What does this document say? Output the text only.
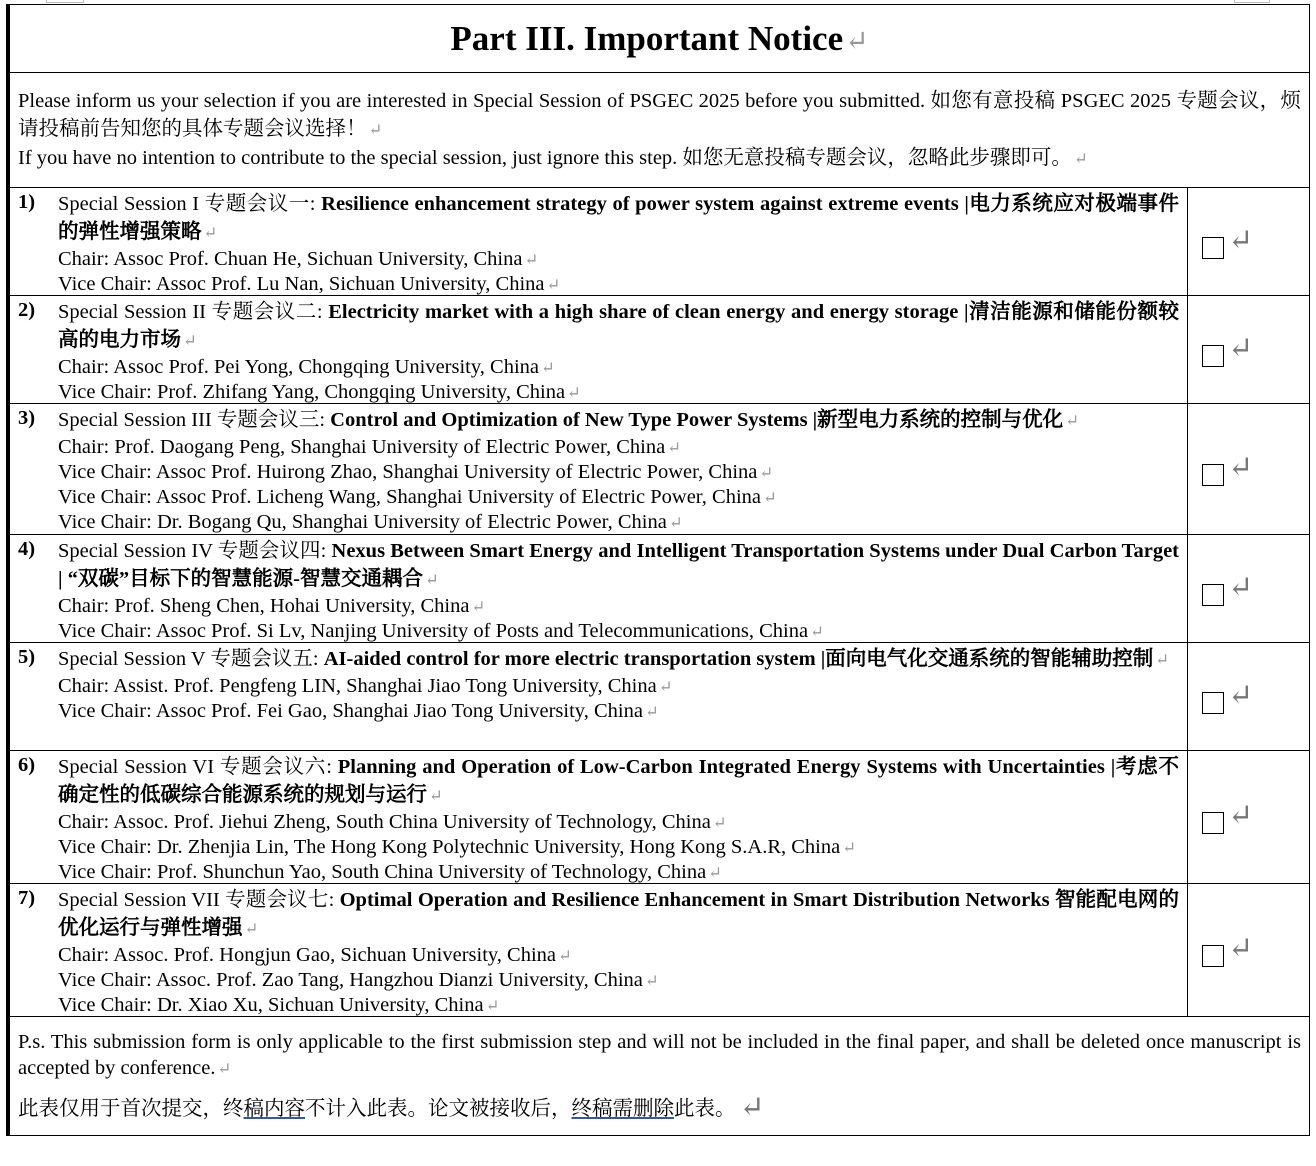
Part III. Important Notice↵
Please inform us your selection if you are interested in Special Session of PSGEC 2025 before you submitted. 如您有意投稿 PSGEC 2025 专题会议，烦请投稿前告知您的具体专题会议选择！ ↵
If you have no intention to contribute to the special session, just ignore this step. 如您无意投稿专题会议，忽略此步骤即可。 ↵
1)	Special Session I 专题会议一: Resilience enhancement strategy of power system against extreme events |电力系统应对极端事件的弹性增强策略 ↵
Chair: Assoc Prof. Chuan He, Sichuan University, China ↵
Vice Chair: Assoc Prof. Lu Nan, Sichuan University, China ↵
↵
2)	Special Session II 专题会议二: Electricity market with a high share of clean energy and energy storage |清洁能源和储能份额较高的电力市场 ↵
Chair: Assoc Prof. Pei Yong, Chongqing University, China ↵
Vice Chair: Prof. Zhifang Yang, Chongqing University, China ↵
↵
3)	Special Session III 专题会议三: Control and Optimization of New Type Power Systems |新型电力系统的控制与优化 ↵
Chair: Prof. Daogang Peng, Shanghai University of Electric Power, China ↵
Vice Chair: Assoc Prof. Huirong Zhao, Shanghai University of Electric Power, China ↵
Vice Chair: Assoc Prof. Licheng Wang, Shanghai University of Electric Power, China ↵
Vice Chair: Dr. Bogang Qu, Shanghai University of Electric Power, China ↵
↵
4)	Special Session IV 专题会议四: Nexus Between Smart Energy and Intelligent Transportation Systems under Dual Carbon Target | “双碳”目标下的智慧能源-智慧交通耦合 ↵
Chair: Prof. Sheng Chen, Hohai University, China ↵
Vice Chair: Assoc Prof. Si Lv, Nanjing University of Posts and Telecommunications, China ↵
↵
5)	Special Session V 专题会议五: AI-aided control for more electric transportation system |面向电气化交通系统的智能辅助控制 ↵
Chair: Assist. Prof. Pengfeng LIN, Shanghai Jiao Tong University, China ↵
Vice Chair: Assoc Prof. Fei Gao, Shanghai Jiao Tong University, China ↵	↵
6)	Special Session VI 专题会议六: Planning and Operation of Low-Carbon Integrated Energy Systems with Uncertainties |考虑不确定性的低碳综合能源系统的规划与运行 ↵
Chair: Assoc. Prof. Jiehui Zheng, South China University of Technology, China ↵
Vice Chair: Dr. Zhenjia Lin, The Hong Kong Polytechnic University, Hong Kong S.A.R, China ↵
Vice Chair: Prof. Shunchun Yao, South China University of Technology, China ↵
↵
7)	Special Session VII 专题会议七: Optimal Operation and Resilience Enhancement in Smart Distribution Networks 智能配电网的优化运行与弹性增强 ↵
Chair: Assoc. Prof. Hongjun Gao, Sichuan University, China ↵
Vice Chair: Assoc. Prof. Zao Tang, Hangzhou Dianzi University, China ↵
Vice Chair: Dr. Xiao Xu, Sichuan University, China ↵
↵
P.s. This submission form is only applicable to the first submission step and will not be included in the final paper, and shall be deleted once manuscript is accepted by conference. ↵
此表仅用于首次提交，终稿内容不计入此表。论文被接收后，终稿需删除此表。 ↵
